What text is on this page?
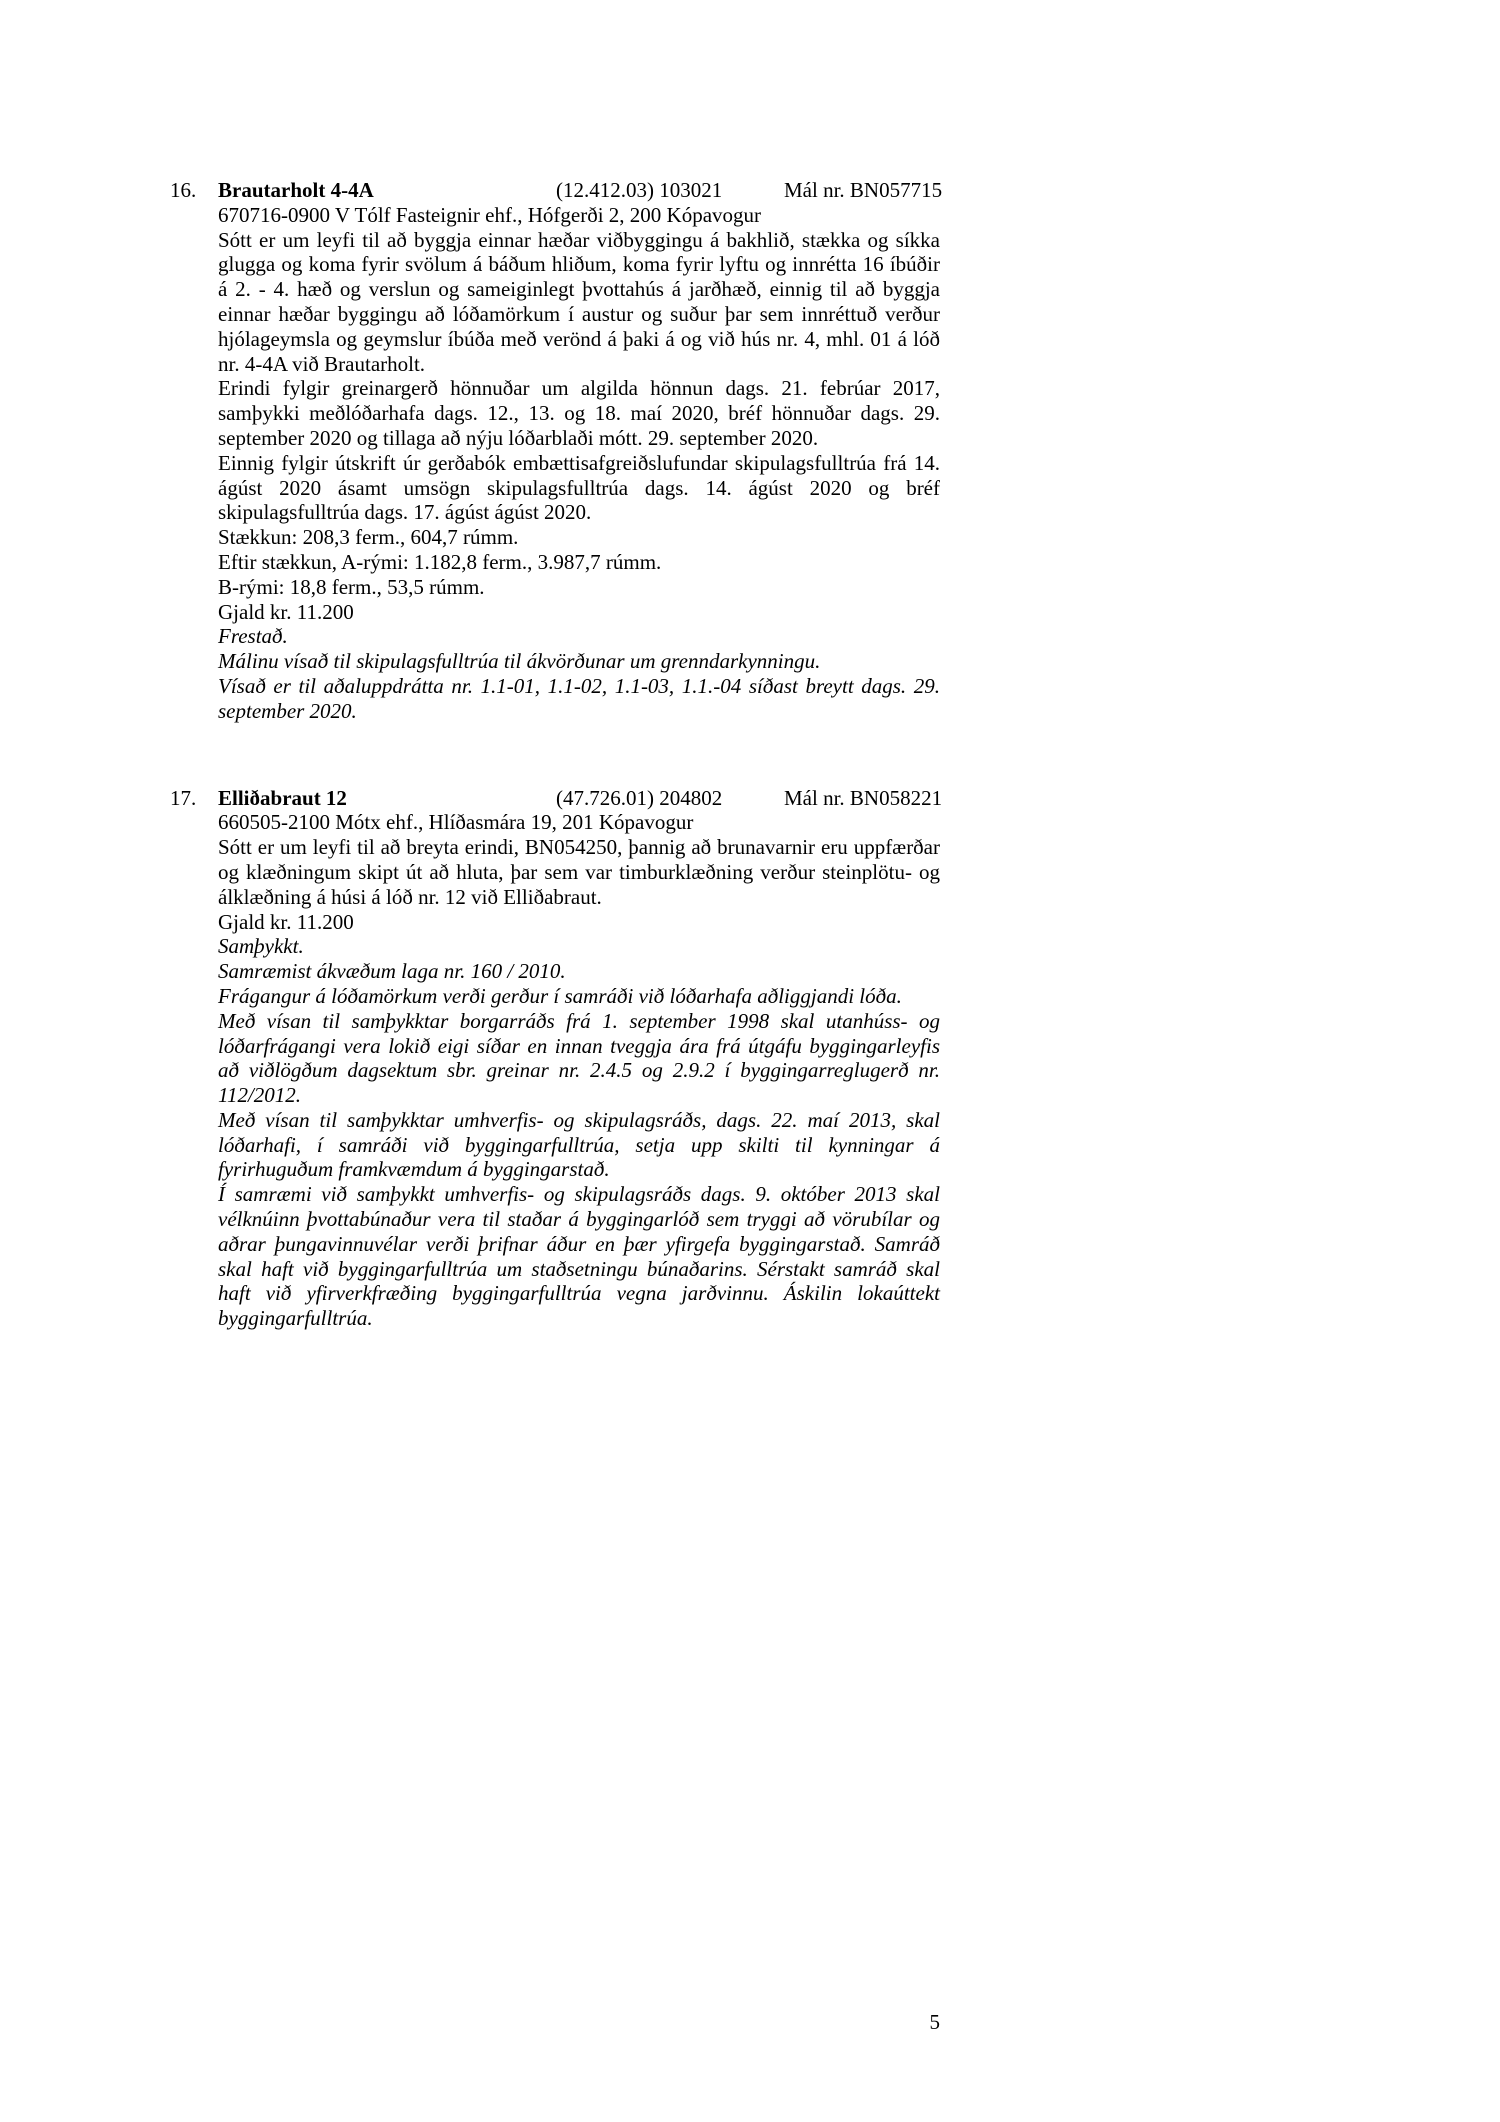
16. Brautarholt 4-4A	(12.412.03) 103021	Mál nr. BN057715
670716-0900 V Tólf Fasteignir ehf., Hófgerði 2, 200 Kópavogur
Sótt er um leyfi til að byggja einnar hæðar viðbyggingu á bakhlið, stækka og síkka glugga og koma fyrir svölum á báðum hliðum, koma fyrir lyftu og innrétta 16 íbúðir á 2. - 4. hæð og verslun og sameiginlegt þvottahús á jarðhæð, einnig til að byggja einnar hæðar byggingu að lóðamörkum í austur og suður þar sem innréttuð verður hjólageymsla og geymslur íbúða með verönd á þaki á og við hús nr. 4, mhl. 01 á lóð nr. 4-4A við Brautarholt.
Erindi fylgir greinargerð hönnuðar um algilda hönnun dags. 21. febrúar 2017, samþykki meðlóðarhafa dags. 12., 13. og 18. maí 2020, bréf hönnuðar dags. 29. september 2020 og tillaga að nýju lóðarblaði mótt. 29. september 2020.
Einnig fylgir útskrift úr gerðabók embættisafgreiðslufundar skipulagsfulltrúa frá 14. ágúst 2020 ásamt umsögn skipulagsfulltrúa dags. 14. ágúst 2020 og bréf skipulagsfulltrúa dags. 17. ágúst ágúst 2020.
Stækkun: 208,3 ferm., 604,7 rúmm.
Eftir stækkun, A-rými: 1.182,8 ferm., 3.987,7 rúmm.
B-rými: 18,8 ferm., 53,5 rúmm.
Gjald kr. 11.200
Frestað.
Málinu vísað til skipulagsfulltrúa til ákvörðunar um grenndarkynningu.
Vísað er til aðaluppdrátta nr. 1.1-01, 1.1-02, 1.1-03, 1.1.-04 síðast breytt dags. 29. september 2020.
17. Elliðabraut 12	(47.726.01) 204802	Mál nr. BN058221
660505-2100 Mótx ehf., Hlíðasmára 19, 201 Kópavogur
Sótt er um leyfi til að breyta erindi, BN054250, þannig að brunavarnir eru uppfærðar og klæðningum skipt út að hluta, þar sem var timburklæðning verður steinplötu- og álklæðning á húsi á lóð nr. 12 við Elliðabraut.
Gjald kr. 11.200
Samþykkt.
Samræmist ákvæðum laga nr. 160 / 2010.
Frágangur á lóðamörkum verði gerður í samráði við lóðarhafa aðliggjandi lóða.
Með vísan til samþykktar borgarráðs frá 1. september 1998 skal utanhúss- og lóðarfrágangi vera lokið eigi síðar en innan tveggja ára frá útgáfu byggingarleyfis að viðlögðum dagsektum sbr. greinar nr. 2.4.5 og 2.9.2 í byggingarreglugerð nr. 112/2012.
Með vísan til samþykktar umhverfis- og skipulagsráðs, dags. 22. maí 2013, skal lóðarhafi, í samráði við byggingarfulltrúa, setja upp skilti til kynningar á fyrirhuguðum framkvæmdum á byggingarstað.
Í samræmi við samþykkt umhverfis- og skipulagsráðs dags. 9. október 2013 skal vélknúinn þvottabúnaður vera til staðar á byggingarlóð sem tryggi að vörubílar og aðrar þungavinnuvélar verði þrifnar áður en þær yfirgefa byggingarstað. Samráð skal haft við byggingarfulltrúa um staðsetningu búnaðarins. Sérstakt samráð skal haft við yfirverkfræðing byggingarfulltrúa vegna jarðvinnu. Áskilin lokaúttekt byggingarfulltrúa.
5
